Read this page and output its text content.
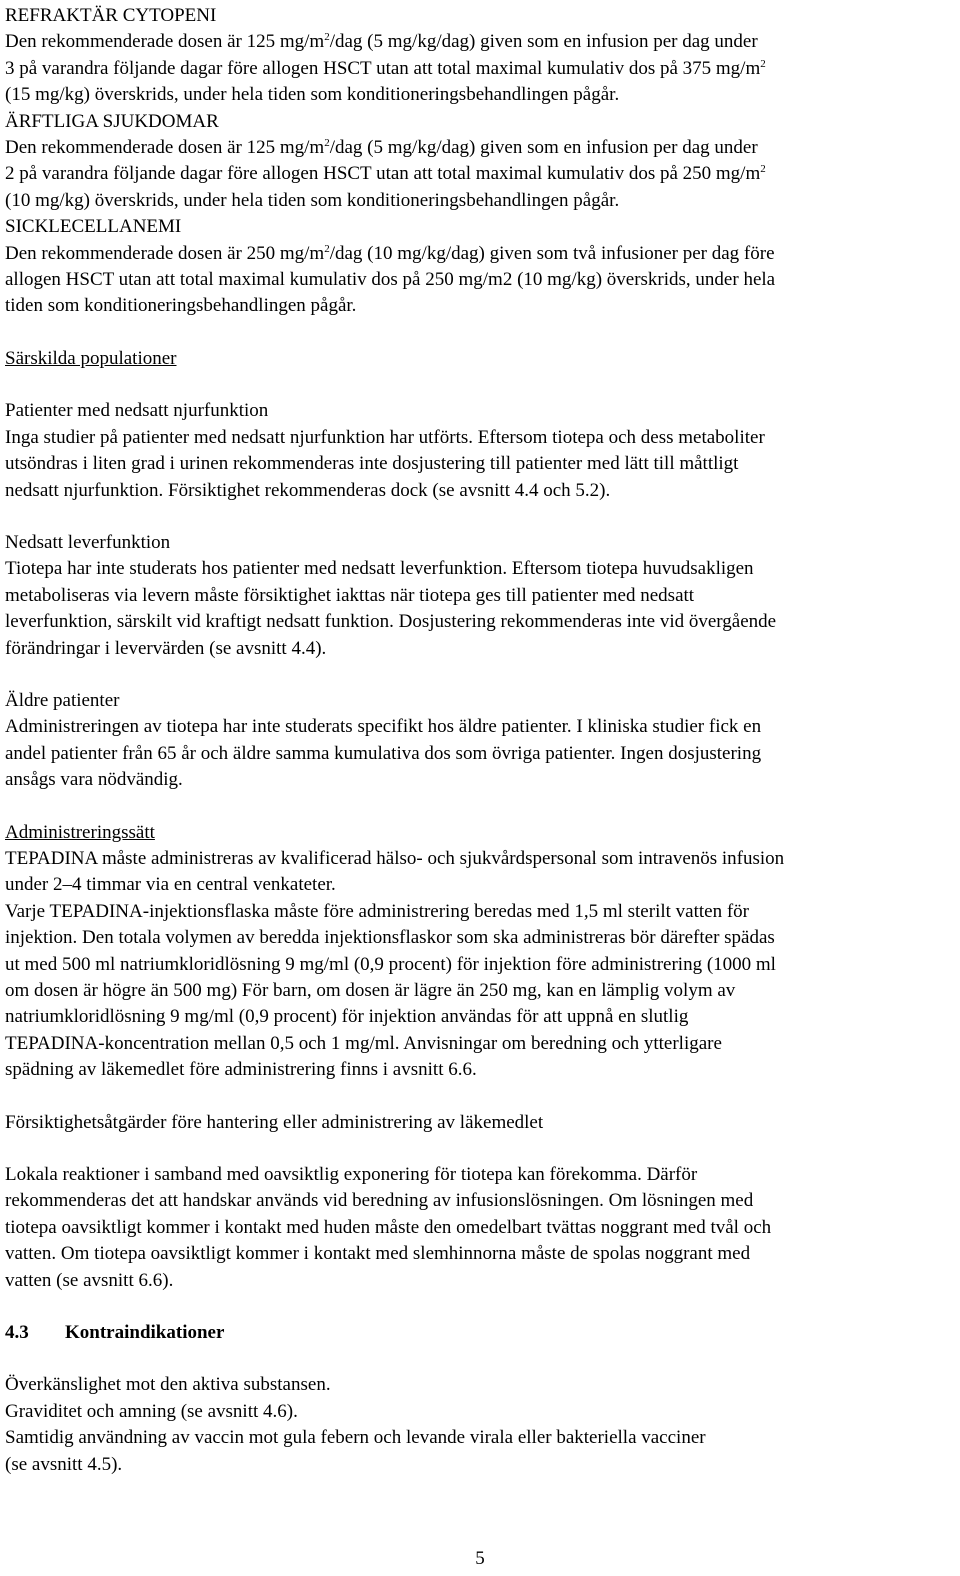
REFRAKTÄR CYTOPENI

Den rekommenderade dosen är 125 $mg/m^2$/dag (5 mg/kg/dag) given som en infusion per dag under

3 på varandra följande dagar före allogen HSCT utan att total maximal kumulativ dos på 375 $mg/m^2$

(15 mg/kg) överskrids, under hela tiden som konditioneringsbehandlingen pågår.

ÄRFTLIGA SJUKDOMAR

Den rekommenderade dosen är 125 $mg/m^2$/dag (5 mg/kg/dag) given som en infusion per dag under

2 på varandra följande dagar före allogen HSCT utan att total maximal kumulativ dos på 250 $mg/m^2$

(10 mg/kg) överskrids, under hela tiden som konditioneringsbehandlingen pågår.

SICKLECELLANEMI

Den rekommenderade dosen är 250 $mg/m^2$/dag (10 mg/kg/dag) given som två infusioner per dag före

allogen HSCT utan att total maximal kumulativ dos på 250 mg/m2 (10 mg/kg) överskrids, under hela

tiden som konditioneringsbehandlingen pågår.

Särskilda populationer

Patienter med nedsatt njurfunktion

Inga studier på patienter med nedsatt njurfunktion har utförts. Eftersom tiotepa och dess metaboliter

utsöndras i liten grad i urinen rekommenderas inte dosjustering till patienter med lätt till måttligt

nedsatt njurfunktion. Försiktighet rekommenderas dock (se avsnitt 4.4 och 5.2).

Nedsatt leverfunktion

Tiotepa har inte studerats hos patienter med nedsatt leverfunktion. Eftersom tiotepa huvudsakligen

metaboliseras via levern måste försiktighet iakttas när tiotepa ges till patienter med nedsatt

leverfunktion, särskilt vid kraftigt nedsatt funktion. Dosjustering rekommenderas inte vid övergående

förändringar i levervärden (se avsnitt 4.4).

Äldre patienter

Administreringen av tiotepa har inte studerats specifikt hos äldre patienter. I kliniska studier fick en

andel patienter från 65 år och äldre samma kumulativa dos som övriga patienter. Ingen dosjustering

ansågs vara nödvändig.

Administreringssätt

TEPADINA måste administreras av kvalificerad hälso- och sjukvårdspersonal som intravenös infusion

under 2–4 timmar via en central venkateter.

Varje TEPADINA-injektionsflaska måste före administrering beredas med 1,5 ml sterilt vatten för

injektion. Den totala volymen av beredda injektionsflaskor som ska administreras bör därefter spädas

ut med 500 ml natriumkloridlösning 9 mg/ml (0,9 procent) för injektion före administrering (1000 ml

om dosen är högre än 500 mg) För barn, om dosen är lägre än 250 mg, kan en lämplig volym av

natriumkloridlösning 9 mg/ml (0,9 procent) för injektion användas för att uppnå en slutlig

TEPADINA-koncentration mellan 0,5 och 1 mg/ml. Anvisningar om beredning och ytterligare

spädning av läkemedlet före administrering finns i avsnitt 6.6.

Försiktighetsåtgärder före hantering eller administrering av läkemedlet

Lokala reaktioner i samband med oavsiktlig exponering för tiotepa kan förekomma. Därför

rekommenderas det att handskar används vid beredning av infusionslösningen. Om lösningen med

tiotepa oavsiktligt kommer i kontakt med huden måste den omedelbart tvättas noggrant med tvål och

vatten. Om tiotepa oavsiktligt kommer i kontakt med slemhinnorna måste de spolas noggrant med

vatten (se avsnitt 6.6).

4.3 Kontraindikationer

Överkänslighet mot den aktiva substansen.

Graviditet och amning (se avsnitt 4.6).

Samtidig användning av vaccin mot gula febern och levande virala eller bakteriella vacciner

(se avsnitt 4.5).

5
